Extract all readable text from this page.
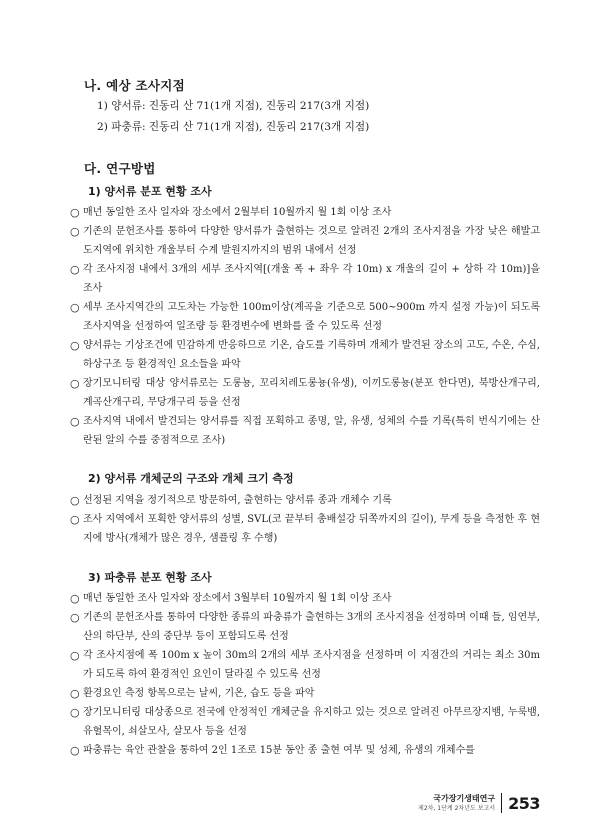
나. 예상 조사지점
1) 양서류: 진동리 산 71(1개 지점), 진동리 217(3개 지점)
2) 파충류: 진동리 산 71(1개 지점), 진동리 217(3개 지점)
다. 연구방법
1) 양서류 분포 현황 조사
○ 매년 동일한 조사 일자와 장소에서 2월부터 10월까지 월 1회 이상 조사
○ 기존의 문헌조사를 통하여 다양한 양서류가 출현하는 것으로 알려진 2개의 조사지점을 가장 낮은 해발고도지역에 위치한 개울부터 수계 발원지까지의 범위 내에서 선정
○ 각 조사지점 내에서 3개의 세부 조사지역[(개울 폭 + 좌우 각 10m) x 개울의 길이 + 상하 각 10m)]을 조사
○ 세부 조사지역간의 고도차는 가능한 100m이상(계곡을 기준으로 500~900m 까지 설정 가능)이 되도록 조사지역을 선정하여 일조량 등 환경변수에 변화를 줄 수 있도록 선정
○ 양서류는 기상조건에 민감하게 반응하므로 기온, 습도를 기록하며 개체가 발견된 장소의 고도, 수온, 수심, 하상구조 등 환경적인 요소들을 파악
○ 장기모니터링 대상 양서류로는 도롱뇽, 꼬리치레도롱뇽(유생), 이끼도롱뇽(분포 한다면), 북방산개구리, 계곡산개구리, 무당개구리 등을 선정
○ 조사지역 내에서 발견되는 양서류를 직접 포획하고 종명, 알, 유생, 성체의 수를 기록(특히 번식기에는 산란된 알의 수를 중점적으로 조사)
2) 양서류 개체군의 구조와 개체 크기 측정
○ 선정된 지역을 정기적으로 방문하여, 출현하는 양서류 종과 개체수 기록
○ 조사 지역에서 포획한 양서류의 성별, SVL(코 끝부터 총배설강 뒤쪽까지의 길이), 무게 등을 측정한 후 현지에 방사(개체가 많은 경우, 샘플링 후 수행)
3) 파충류 분포 현황 조사
○ 매년 동일한 조사 일자와 장소에서 3월부터 10월까지 월 1회 이상 조사
○ 기존의 문헌조사를 통하여 다양한 종류의 파충류가 출현하는 3개의 조사지점을 선정하며 이때 들, 임연부, 산의 하단부, 산의 중단부 등이 포함되도록 선정
○ 각 조사지점에 폭 100m x 높이 30m의 2개의 세부 조사지점을 선정하며 이 지점간의 거리는 최소 30m가 되도록 하여 환경적인 요인이 달라질 수 있도록 선정
○ 환경요인 측정 항목으로는 날씨, 기온, 습도 등을 파악
○ 장기모니터링 대상종으로 전국에 안정적인 개체군을 유지하고 있는 것으로 알려진 아무르장지뱀, 누룩뱀, 유혈목이, 쇠살모사, 살모사 등을 선정
○ 파충류는 육안 관찰을 통하여 2인 1조로 15분 동안 종 출현 여부 및 성체, 유생의 개체수를
국가장기생태연구
제2차, 1단계 2차년도 보고서 253
